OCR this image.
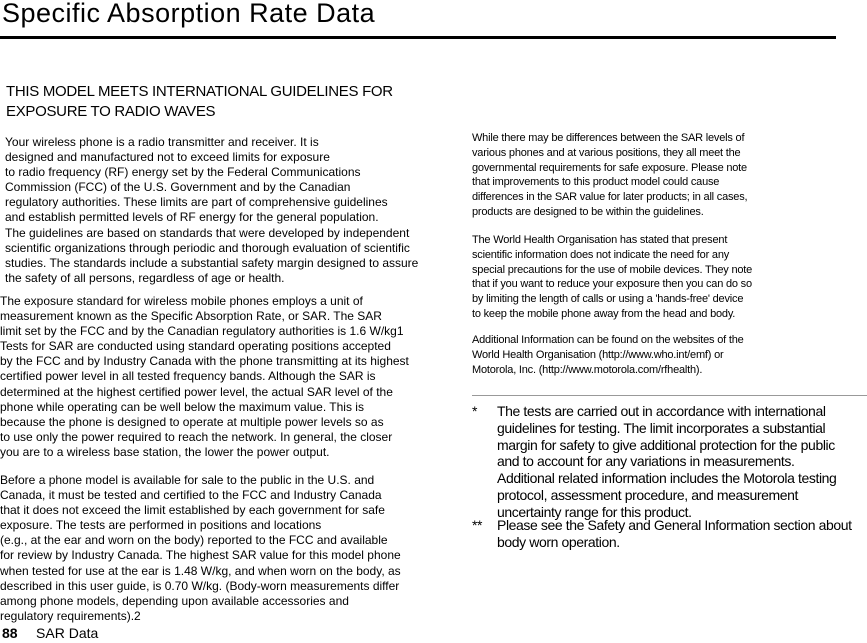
Specific Absorption Rate Data
THIS MODEL MEETS INTERNATIONAL GUIDELINES FOR
EXPOSURE TO RADIO WAVES

Your wireless phone is a radio transmitter and receiver. It is
designed and manufactured not to exceed limits for exposure
to radio frequency (RF) energy set by the Federal Communications
Commission (FCC) of the U.S. Government and by the Canadian
regulatory authorities. These limits are part of comprehensive guidelines
and establish permitted levels of RF energy for the general population.
The guidelines are based on standards that were developed by independent
scientific organizations through periodic and thorough evaluation of scientific
studies. The standards include a substantial safety margin designed to assure
the safety of all persons, regardless of age or health.

The exposure standard for wireless mobile phones employs a unit of
measurement known as the Specific Absorption Rate, or SAR. The SAR
limit set by the FCC and by the Canadian regulatory authorities is 1.6 W/kg1
Tests for SAR are conducted using standard operating positions accepted
by the FCC and by Industry Canada with the phone transmitting at its highest
certified power level in all tested frequency bands. Although the SAR is
determined at the highest certified power level, the actual SAR level of the
phone while operating can be well below the maximum value. This is
because the phone is designed to operate at multiple power levels so as
to use only the power required to reach the network. In general, the closer
you are to a wireless base station, the lower the power output.

Before a phone model is available for sale to the public in the U.S. and
Canada, it must be tested and certified to the FCC and Industry Canada
that it does not exceed the limit established by each government for safe
exposure. The tests are performed in positions and locations
(e.g., at the ear and worn on the body) reported to the FCC and available
for review by Industry Canada. The highest SAR value for this model phone
when tested for use at the ear is 1.48 W/kg, and when worn on the body, as
described in this user guide, is 0.70 W/kg. (Body-worn measurements differ
among phone models, depending upon available accessories and
regulatory requirements).2

While there may be differences between the SAR levels of
various phones and at various positions, they all meet the
governmental requirements for safe exposure. Please note
that improvements to this product model could cause
differences in the SAR value for later products; in all cases,
products are designed to be within the guidelines.

The World Health Organisation has stated that present
scientific information does not indicate the need for any
special precautions for the use of mobile devices. They note
that if you want to reduce your exposure then you can do so
by limiting the length of calls or using a 'hands-free' device
to keep the mobile phone away from the head and body.

Additional Information can be found on the websites of the
World Health Organisation (http://www.who.int/emf) or
Motorola, Inc. (http://www.motorola.com/rfhealth).

* The tests are carried out in accordance with international
guidelines for testing. The limit incorporates a substantial
margin for safety to give additional protection for the public
and to account for any variations in measurements.
Additional related information includes the Motorola testing
protocol, assessment procedure, and measurement
uncertainty range for this product.
** Please see the Safety and General Information section about
body worn operation.
88 SAR Data
